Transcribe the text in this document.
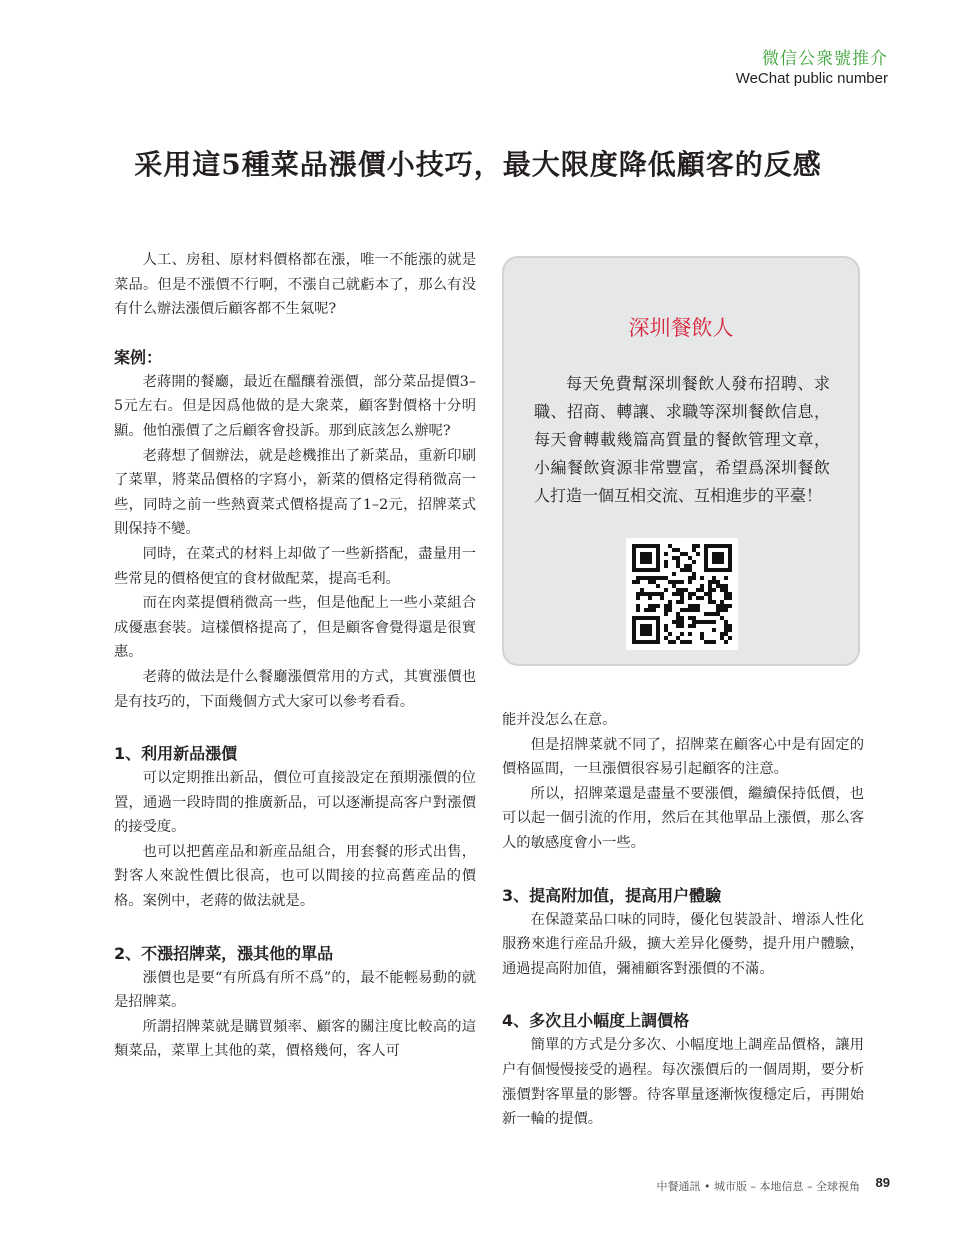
微信公衆號推介
WeChat public number
采用這5種菜品漲價小技巧，最大限度降低顧客的反感

人工、房租、原材料價格都在漲，唯一不能漲的就是菜品。但是不漲價不行啊，不漲自己就虧本了，那么有没有什么辦法漲價后顧客都不生氣呢?

案例：

老蔣開的餐廳，最近在醞釀着漲價，部分菜品提價3–5元左右。但是因爲他做的是大衆菜，顧客對價格十分明顯。他怕漲價了之后顧客會投訴。那到底該怎么辦呢?

老蔣想了個辦法，就是趁機推出了新菜品，重新印刷了菜單，將菜品價格的字寫小，新菜的價格定得稍微高一些，同時之前一些熱賣菜式價格提高了1–2元，招牌菜式則保持不變。

同時，在菜式的材料上却做了一些新搭配，盡量用一些常見的價格便宜的食材做配菜，提高毛利。

而在肉菜提價稍微高一些，但是他配上一些小菜組合成優惠套裝。這樣價格提高了，但是顧客會覺得還是很實惠。

老蔣的做法是什么餐廳漲價常用的方式，其實漲價也是有技巧的，下面幾個方式大家可以參考看看。

1、利用新品漲價

可以定期推出新品，價位可直接設定在預期漲價的位置，通過一段時間的推廣新品，可以逐漸提高客户對漲價的接受度。

也可以把舊産品和新産品組合，用套餐的形式出售，對客人來說性價比很高，也可以間接的拉高舊産品的價格。案例中，老蔣的做法就是。

2、不漲招牌菜，漲其他的單品

漲價也是要“有所爲有所不爲”的，最不能輕易動的就是招牌菜。

所謂招牌菜就是購買頻率、顧客的關注度比較高的這類菜品，菜單上其他的菜，價格幾何，客人可

深圳餐飲人
每天免費幫深圳餐飲人發布招聘、求職、招商、轉讓、求職等深圳餐飲信息，每天會轉載幾篇高質量的餐飲管理文章，小編餐飲資源非常豐富，希望爲深圳餐飲人打造一個互相交流、互相進步的平臺！

能并没怎么在意。

但是招牌菜就不同了，招牌菜在顧客心中是有固定的價格區間，一旦漲價很容易引起顧客的注意。

所以，招牌菜還是盡量不要漲價，繼續保持低價，也可以起一個引流的作用，然后在其他單品上漲價，那么客人的敏感度會小一些。

3、提高附加值，提高用户體驗

在保證菜品口味的同時，優化包裝設計、增添人性化服務來進行産品升級，擴大差异化優勢，提升用户體驗，通過提高附加值，彌補顧客對漲價的不滿。

4、多次且小幅度上調價格

簡單的方式是分多次、小幅度地上調産品價格，讓用户有個慢慢接受的過程。每次漲價后的一個周期，要分析漲價對客單量的影響。待客單量逐漸恢復穩定后，再開始新一輪的提價。

中餐通訊 • 城市版 – 本地信息 – 全球視角 89
